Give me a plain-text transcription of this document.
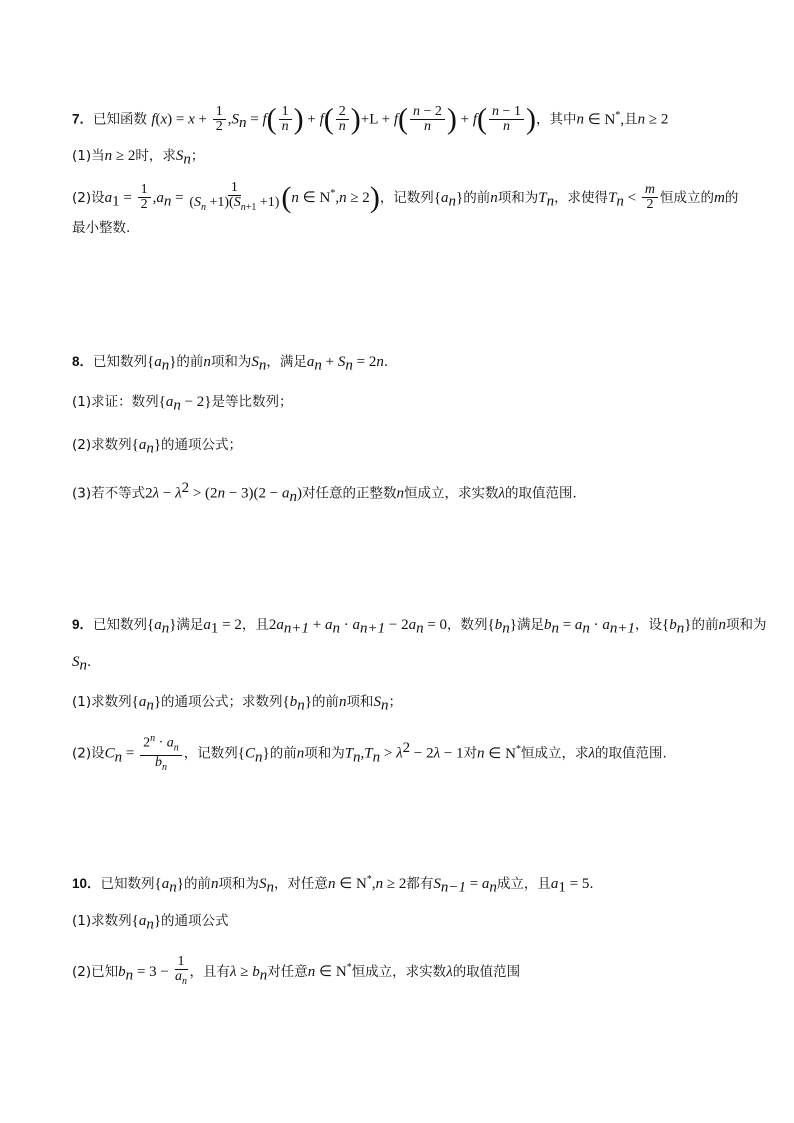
7．已知函数 $f(x) = x + \frac{1}{2} ,S_n = f( \frac{1}{n}$ ) + $f( \frac{2}{n} )+L + f( \frac{n - 2}{n}$ ) + $f( \frac{n - 1}{n}$ )，其中n ∈ N*,且n ≥ 2
(1)当n ≥ 2时，求$S_n$；
(2)设$a_1 = \frac{1}{2} ,a_n = \frac{1}{(S_n +1)(S_{n+1} +1)} (n$ ∈ N*,n ≥ 2)，记数列$\{a_n\}$的前n项和为$T_n$，求使得$T_n < \frac{m}{2}$ 恒成立的m的
最小整数.
8．已知数列$\{a_n\}$的前n项和为$S_n$，满足$a_n + S_n = 2n$．
(1)求证：数列$\{a_n - 2\}$是等比数列；
(2)求数列$\{a_n\}$的通项公式；
(3)若不等式$2\lambda - \lambda^2 > (2n - 3)(2 - a_n)$对任意的正整数n恒成立，求实数λ的取值范围．
9．已知数列$\{a_n\}$满足$a_1 = 2$，且$2a_{n+1} + a_n \cdot a_{n+1} - 2a_n = 0$，数列$\{b_n\}$满足$b_n = a_n \cdot a_{n+1}$，设$\{b_n\}$的前n项和为
$S_n$．
(1)求数列$\{a_n\}$的通项公式；求数列$\{b_n\}$的前n项和$S_n$；
(2)设$C_n = \frac{2^n \cdot a_n}{b_n}$ ，记数列$\{C_n\}$的前n项和为$T_n,T_n > \lambda^2 - 2\lambda - 1$对n ∈ N*恒成立，求λ的取值范围.
10．已知数列$\{a_n\}$的前n项和为$S_n$，对任意n ∈ N*,n ≥ 2都有$S_{n-1} = a_n$成立，且$a_1 = 5$．
(1)求数列$\{a_n\}$的通项公式
(2)已知$b_n = 3 - \frac{1}{a_n}$ ，且有$\lambda \ge b_n$对任意n ∈ N*恒成立，求实数λ的取值范围
